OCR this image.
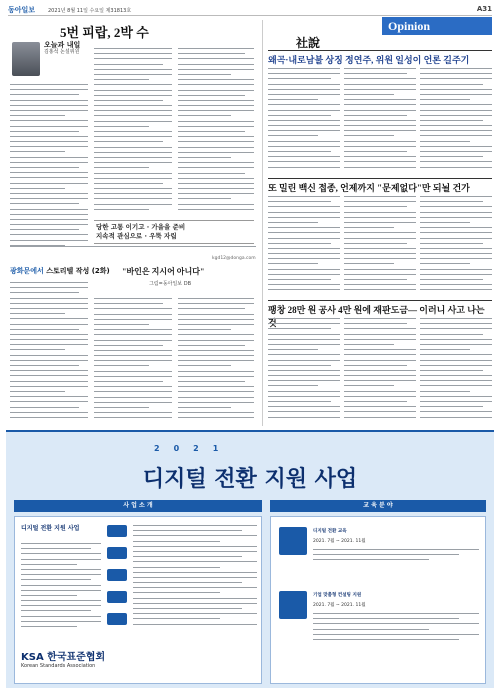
동아일보	2021년 8월 11일 수요일 제31813호	A31
Opinion
5번 피랍, 2박 수
오늘과 내일
김홍석 논설위원
당한 고통 이기고 · 가을을 준비
지속적 관심으로 · 우뚝 자립
kgd12@donga.com
광화문에서 스토리텔 작성 (2화) "바인은 지시어 아니다"
그림=동아일보 DB
社說
왜곡·내로남불 상징 정연주, 위원 일성이 언론 길주기
또 밀린 백신 접종, 언제까지 "문제없다"만 되뇔 건가
팽창 28만 원 공사 4만 원에 재판도금— 이러니 사고 나는
2021
디지털 전환 지원 사업
사 업 소 개	교 육 분 야
디지털 전환 지원 사업
KSA 한국표준협회
Korean Standards Association
디지털 전환 교육
2021. 7월 ~ 2021. 11월
기업 맞춤형 컨설팅 지원
2021. 7월 ~ 2021. 11월
